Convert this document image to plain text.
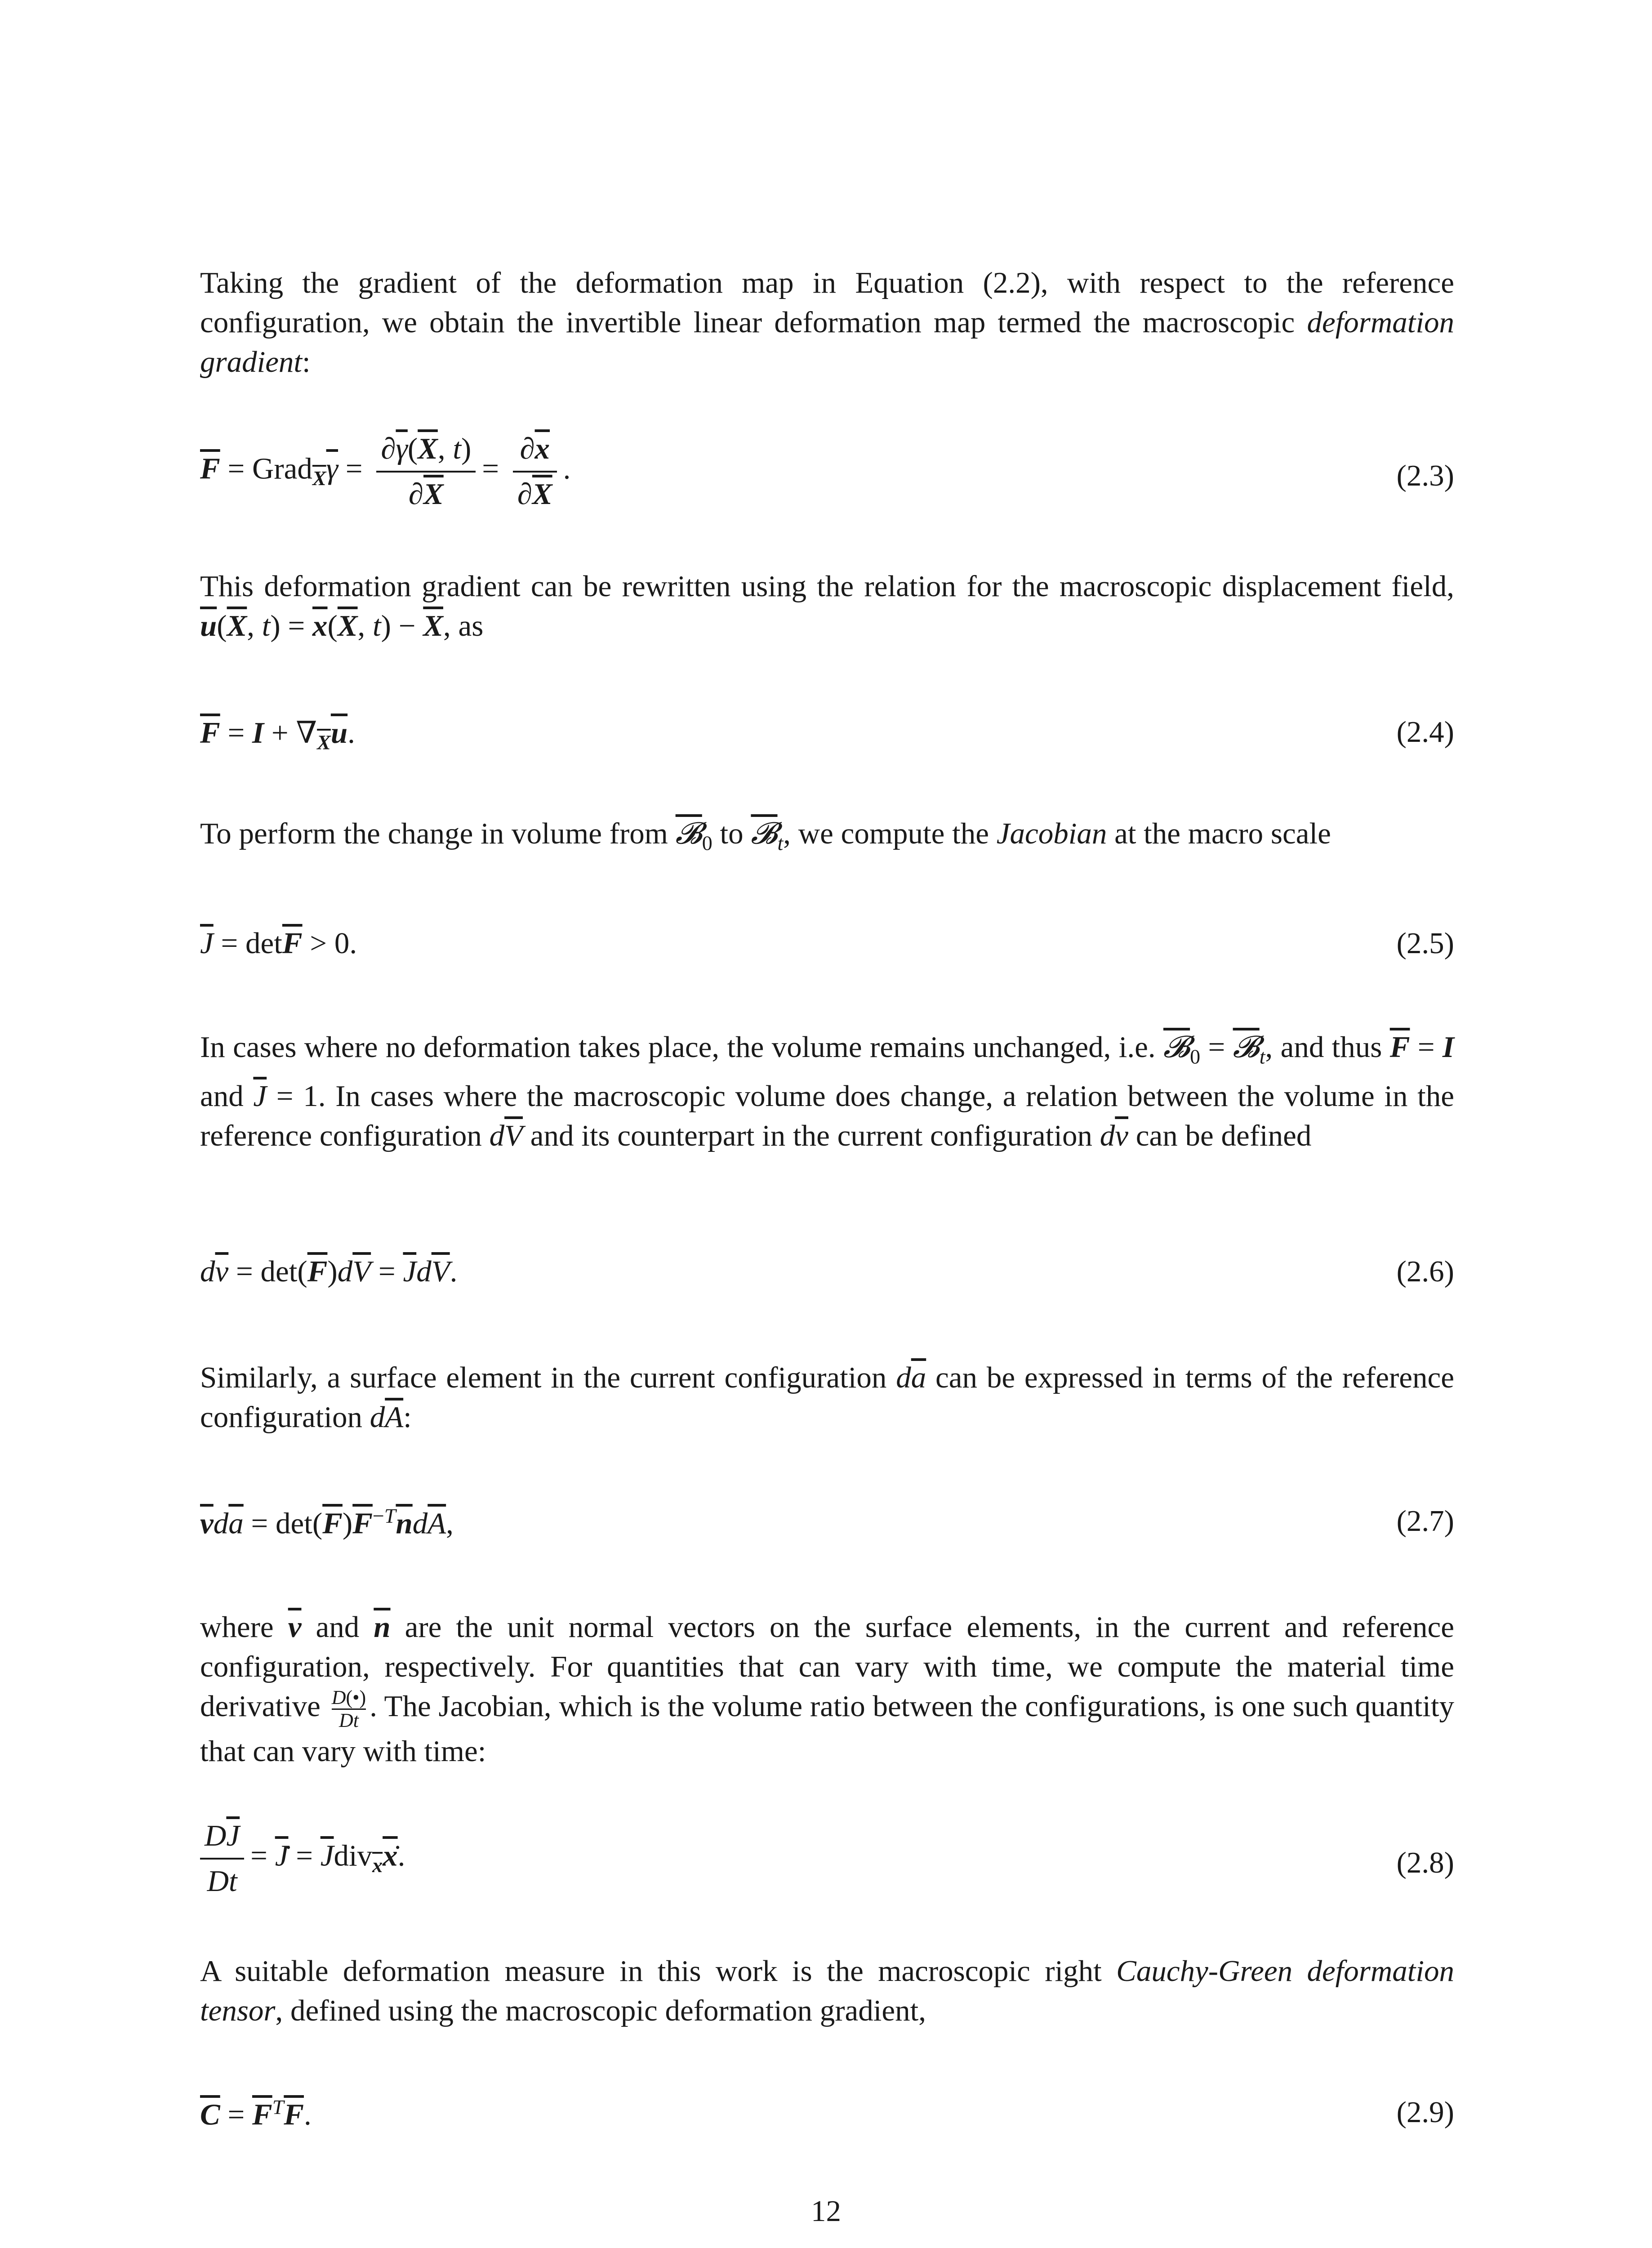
Taking the gradient of the deformation map in Equation (2.2), with respect to the reference configuration, we obtain the invertible linear deformation map termed the macroscopic deformation gradient:
$\overline{F}$ = $Grad_{\overline{X}}\overline{\gamma} = \frac{\partial\overline{\gamma}(\overline{X}, t)}{\partial\overline{X}} = \frac{\partial\overline{x}}{\partial\overline{X}}$ .	(2.3)
This deformation gradient can be rewritten using the relation for the macroscopic displacement field, $\overline{u}(\overline{X}$, $t) = \overline{x}(\overline{X}$, $t) - \overline{X}$, as
$\overline{F} = I + \nabla_{\overline{X}}\overline{u}$.	(2.4)
To perform the change in volume from 𝓑$_0$ to 𝓑$_t$, we compute the Jacobian at the macro scale
$\overline{J} = \det\overline{F} > 0$.	(2.5)
In cases where no deformation takes place, the volume remains unchanged, i.e. 𝓑$_0$ = 𝓑$_t$, and thus $\overline{F} = I$ and $\overline{J} = 1$. In cases where the macroscopic volume does change, a relation between the volume in the reference configuration $d\overline{V}$ and its counterpart in the current configuration $d\overline{v}$ can be defined
$d\overline{v} = \det(\overline{F})d\overline{V} = \overline{J}d\overline{V}$.	(2.6)
Similarly, a surface element in the current configuration $d\overline{a}$ can be expressed in terms of the reference configuration $d\overline{A}$:
$\overline{\nu}d\overline{a} = \det(\overline{F})\overline{F}^{-T}\overline{n}d\overline{A}$,	(2.7)
where $\overline{\nu}$ and $\overline{n}$ are the unit normal vectors on the surface elements, in the current and reference configuration, respectively. For quantities that can vary with time, we compute the material time derivative $\frac{D(•)}{Dt}$ . The Jacobian, which is the volume ratio between the configurations, is one such quantity that can vary with time:
$\frac{D\overline{J}}{Dt}$ = $\overline{J}̇$ = $\overline{J}div_{\overline{x}}\overline{x}̇$.	(2.8)
A suitable deformation measure in this work is the macroscopic right Cauchy-Green deformation tensor, defined using the macroscopic deformation gradient,
$\overline{C} = \overline{F}^T\overline{F}$.	(2.9)
12
